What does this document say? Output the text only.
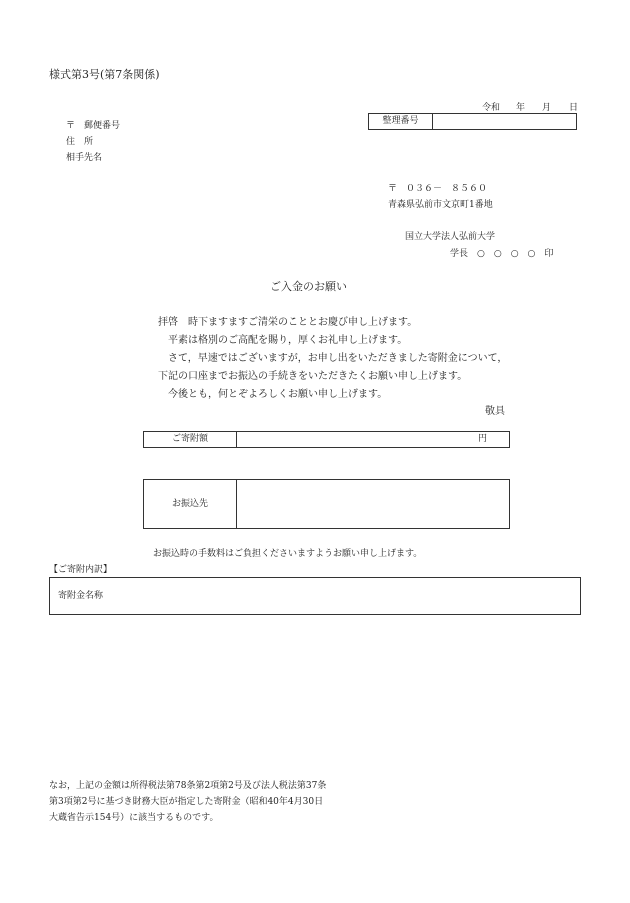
様式第3号(第7条関係)
令和 年 月 日
〒　郵便番号
住　所
相手先名
整理番号
〒　０３６－　８５６０
青森県弘前市文京町1番地
国立大学法人弘前大学
学長　○　○　○　○　印
ご入金のお願い
拝啓　時下ますますご清栄のこととお慶び申し上げます。
　平素は格別のご高配を賜り，厚くお礼申し上げます。
　さて，早速ではございますが，お申し出をいただきました寄附金について，
下記の口座までお振込の手続きをいただきたくお願い申し上げます。
　今後とも，何とぞよろしくお願い申し上げます。
敬具
ご寄附額	円
お振込先
お振込時の手数料はご負担くださいますようお願い申し上げます。
【ご寄附内訳】
寄附金名称
なお，上記の金額は所得税法第78条第2項第2号及び法人税法第37条
第3項第2号に基づき財務大臣が指定した寄附金（昭和40年4月30日
大蔵省告示154号）に該当するものです。
